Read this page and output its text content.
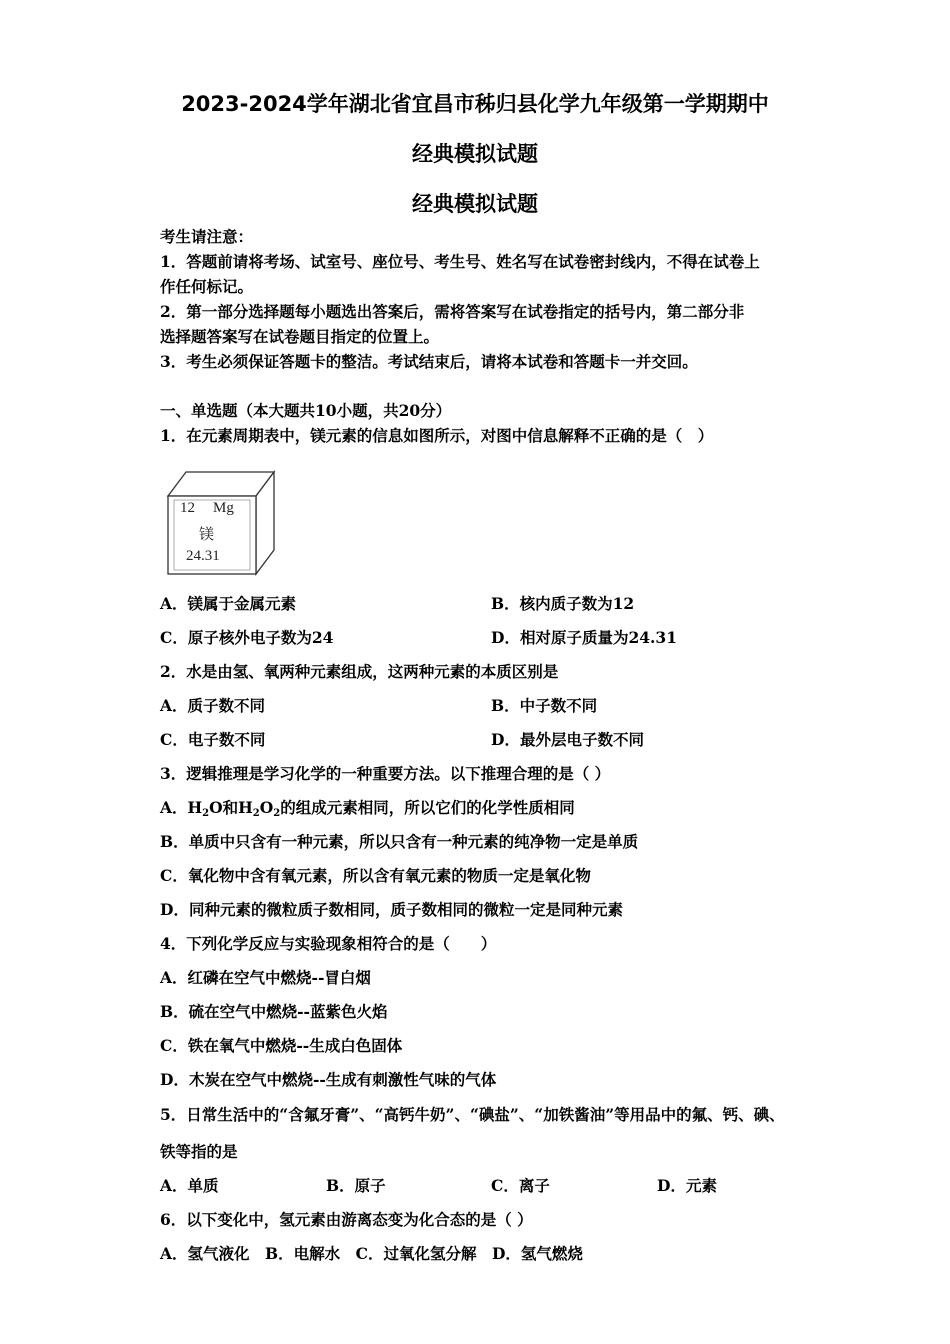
2023-2024学年湖北省宜昌市秭归县化学九年级第一学期期中
经典模拟试题
经典模拟试题
考生请注意：
1．答题前请将考场、试室号、座位号、考生号、姓名写在试卷密封线内，不得在试卷上
作任何标记。
2．第一部分选择题每小题选出答案后，需将答案写在试卷指定的括号内，第二部分非
选择题答案写在试卷题目指定的位置上。
3．考生必须保证答题卡的整洁。考试结束后，请将本试卷和答题卡一并交回。
一、单选题（本大题共10小题，共20分）
1．在元素周期表中，镁元素的信息如图所示，对图中信息解释不正确的是（　）
12 Mg
镁
24.31
A．镁属于金属元素	B．核内质子数为12
C．原子核外电子数为24	D．相对原子质量为24.31
2．水是由氢、氧两种元素组成，这两种元素的本质区别是
A．质子数不同	B．中子数不同
C．电子数不同	D．最外层电子数不同
3．逻辑推理是学习化学的一种重要方法。以下推理合理的是（ ）
A．$H_2O$和$H_2O_2$的组成元素相同，所以它们的化学性质相同
B．单质中只含有一种元素，所以只含有一种元素的纯净物一定是单质
C．氧化物中含有氧元素，所以含有氧元素的物质一定是氧化物
D．同种元素的微粒质子数相同，质子数相同的微粒一定是同种元素
4．下列化学反应与实验现象相符合的是（　　）
A．红磷在空气中燃烧--冒白烟
B．硫在空气中燃烧--蓝紫色火焰
C．铁在氧气中燃烧--生成白色固体
D．木炭在空气中燃烧--生成有刺激性气味的气体
5．日常生活中的“含氟牙膏”、“高钙牛奶”、“碘盐”、“加铁酱油”等用品中的氟、钙、碘、
铁等指的是
A．单质	B．原子	C．离子	D．元素
6．以下变化中，氢元素由游离态变为化合态的是（ ）
A．氢气液化　B．电解水　C．过氧化氢分解　D．氢气燃烧
